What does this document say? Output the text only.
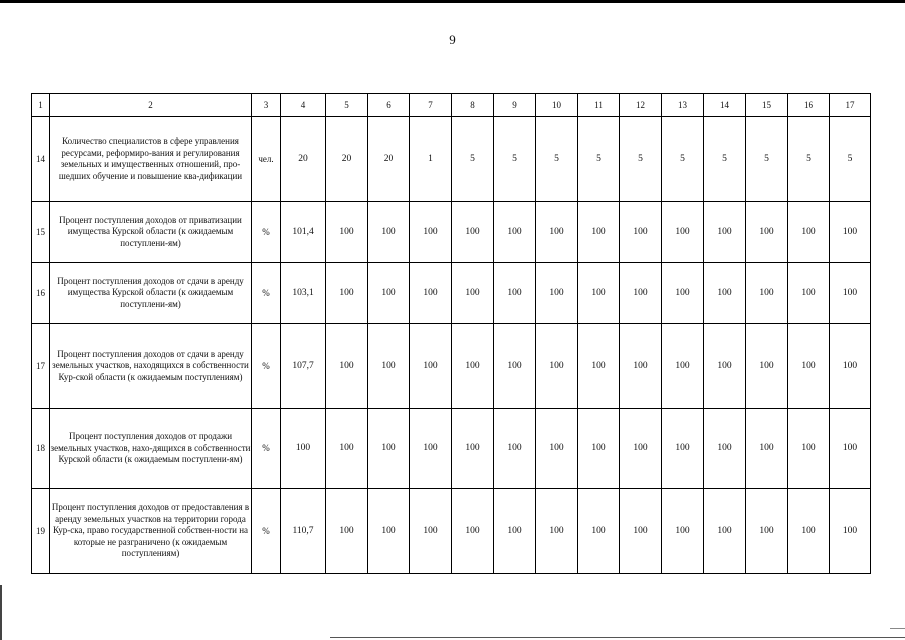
9
1	2	3	4	5	6	7	8	9	10	11	12	13	14	15	16	17
14	Количество специалистов в сфере управления ресурсами, реформиро-вания и регулирования земельных и имущественных отношений, про-шедших обучение и повышение ква-дификации	чел.	20	20	20	1	5	5	5	5	5	5	5	5	5	5
15	Процент поступления доходов от приватизации имущества Курской области (к ожидаемым поступлени-ям)	%	101,4	100	100	100	100	100	100	100	100	100	100	100	100	100
16	Процент поступления доходов от сдачи в аренду имущества Курской области (к ожидаемым поступлени-ям)	%	103,1	100	100	100	100	100	100	100	100	100	100	100	100	100
17	Процент поступления доходов от сдачи в аренду земельных участков, находящихся в собственности Кур-ской области (к ожидаемым поступлениям)	%	107,7	100	100	100	100	100	100	100	100	100	100	100	100	100
18	Процент поступления доходов от продажи земельных участков, нахо-дящихся в собственности Курской области (к ожидаемым поступлени-ям)	%	100	100	100	100	100	100	100	100	100	100	100	100	100	100
19	Процент поступления доходов от предоставления в аренду земельных участков на территории города Кур-ска, право государственной собствен-ности на которые не разграничено (к ожидаемым поступлениям)	%	110,7	100	100	100	100	100	100	100	100	100	100	100	100	100
